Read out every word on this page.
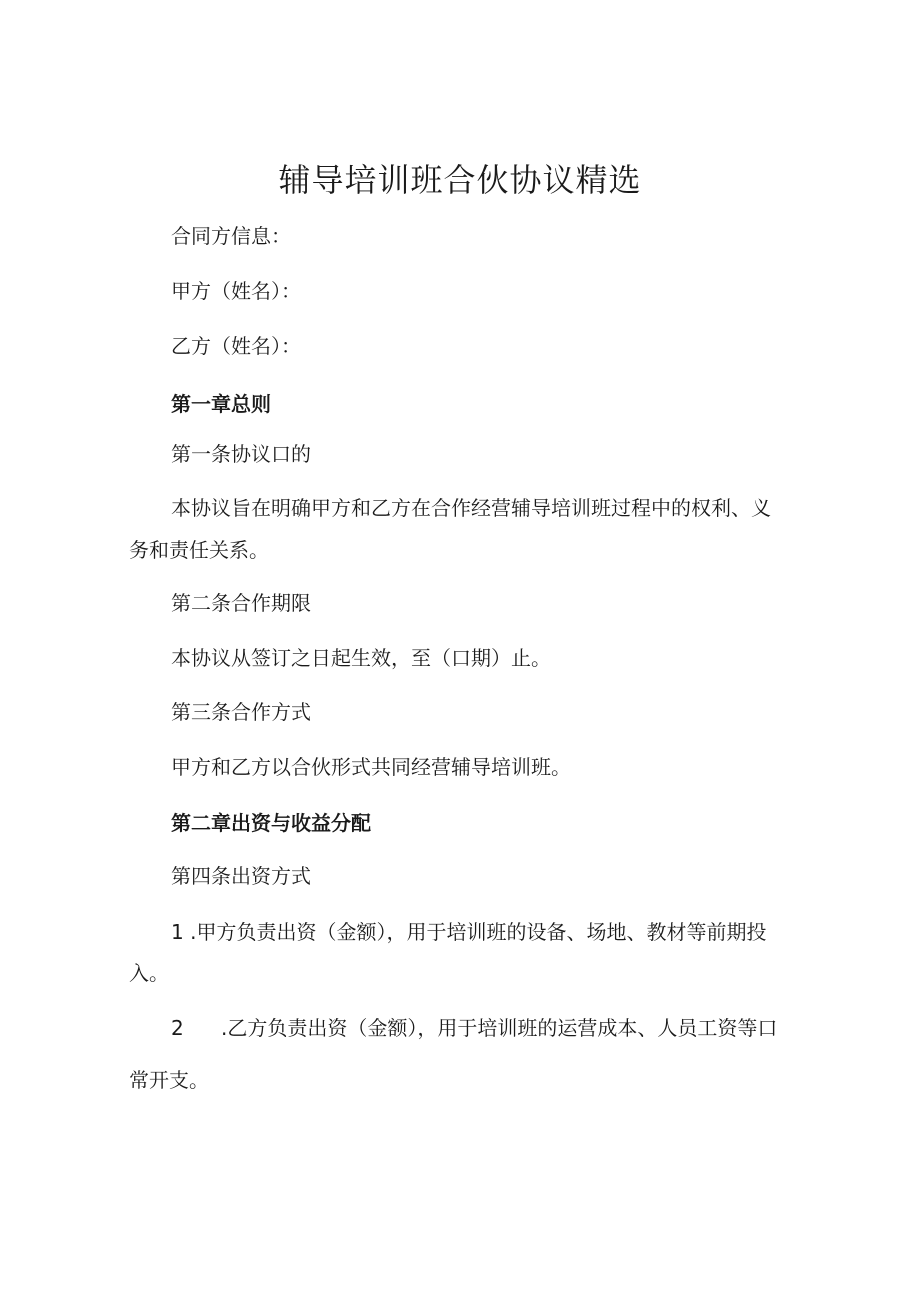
辅导培训班合伙协议精选

合同方信息：

甲方（姓名）：

乙方（姓名）：

第一章总则

第一条协议口的

本协议旨在明确甲方和乙方在合作经营辅导培训班过程中的权利、义

务和责任关系。

第二条合作期限

本协议从签订之日起生效，至（口期）止。

第三条合作方式

甲方和乙方以合伙形式共同经营辅导培训班。

第二章出资与收益分配

第四条出资方式

1 .甲方负责出资（金额），用于培训班的设备、场地、教材等前期投

入。

2 .乙方负责出资（金额），用于培训班的运营成本、人员工资等口

常开支。
